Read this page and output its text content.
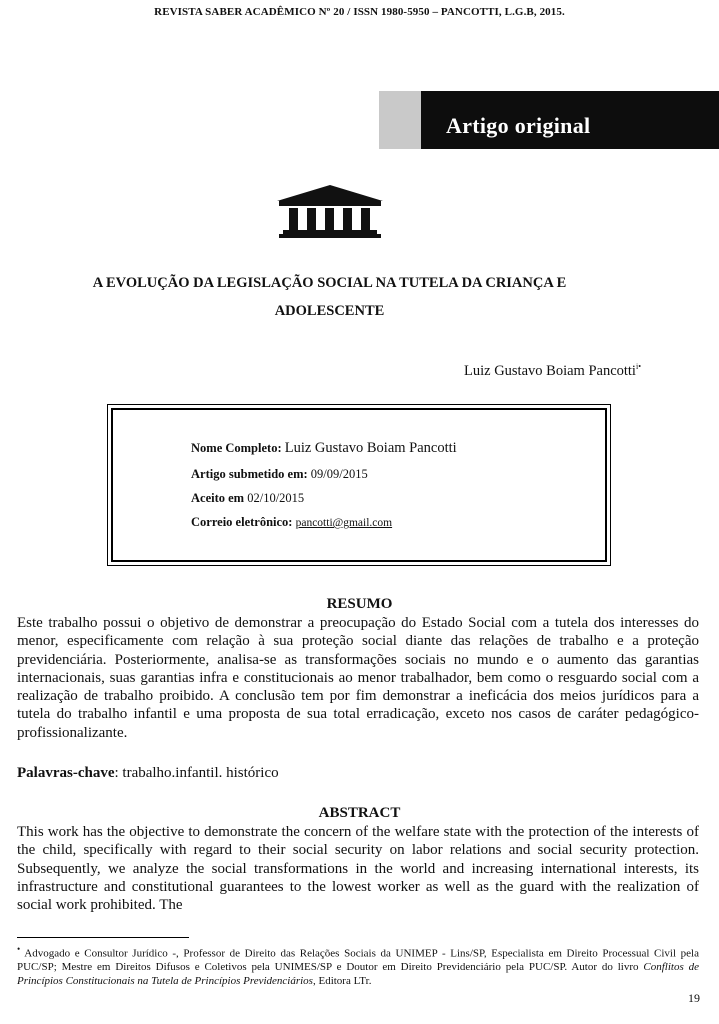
REVISTA SABER ACADÊMICO Nº 20 / ISSN 1980-5950 – PANCOTTI, L.G.B, 2015.
Artigo original
A EVOLUÇÃO DA LEGISLAÇÃO SOCIAL NA TUTELA DA CRIANÇA E
ADOLESCENTE
Luiz Gustavo Boiam Pancotti$^{i•}$
Nome Completo: Luiz Gustavo Boiam Pancotti
Artigo submetido em: 09/09/2015
Aceito em 02/10/2015
Correio eletrônico: pancotti@gmail.com
RESUMO
Este trabalho possui o objetivo de demonstrar a preocupação do Estado Social com a tutela dos interesses do menor, especificamente com relação à sua proteção social diante das relações de trabalho e a proteção previdenciária. Posteriormente, analisa-se as transformações sociais no mundo e o aumento das garantias internacionais, suas garantias infra e constitucionais ao menor trabalhador, bem como o resguardo social com a realização de trabalho proibido. A conclusão tem por fim demonstrar a ineficácia dos meios jurídicos para a tutela do trabalho infantil e uma proposta de sua total erradicação, exceto nos casos de caráter pedagógico-profissionalizante.
Palavras-chave: trabalho.infantil. histórico
ABSTRACT
This work has the objective to demonstrate the concern of the welfare state with the protection of the interests of the child, specifically with regard to their social security on labor relations and social security protection. Subsequently, we analyze the social transformations in the world and increasing international interests, its infrastructure and constitutional guarantees to the lowest worker as well as the guard with the realization of social work prohibited. The
• Advogado e Consultor Jurídico -, Professor de Direito das Relações Sociais da UNIMEP - Lins/SP, Especialista em Direito Processual Civil pela PUC/SP; Mestre em Direitos Difusos e Coletivos pela UNIMES/SP e Doutor em Direito Previdenciário pela PUC/SP. Autor do livro Conflitos de Princípios Constitucionais na Tutela de Princípios Previdenciários, Editora LTr.
19
